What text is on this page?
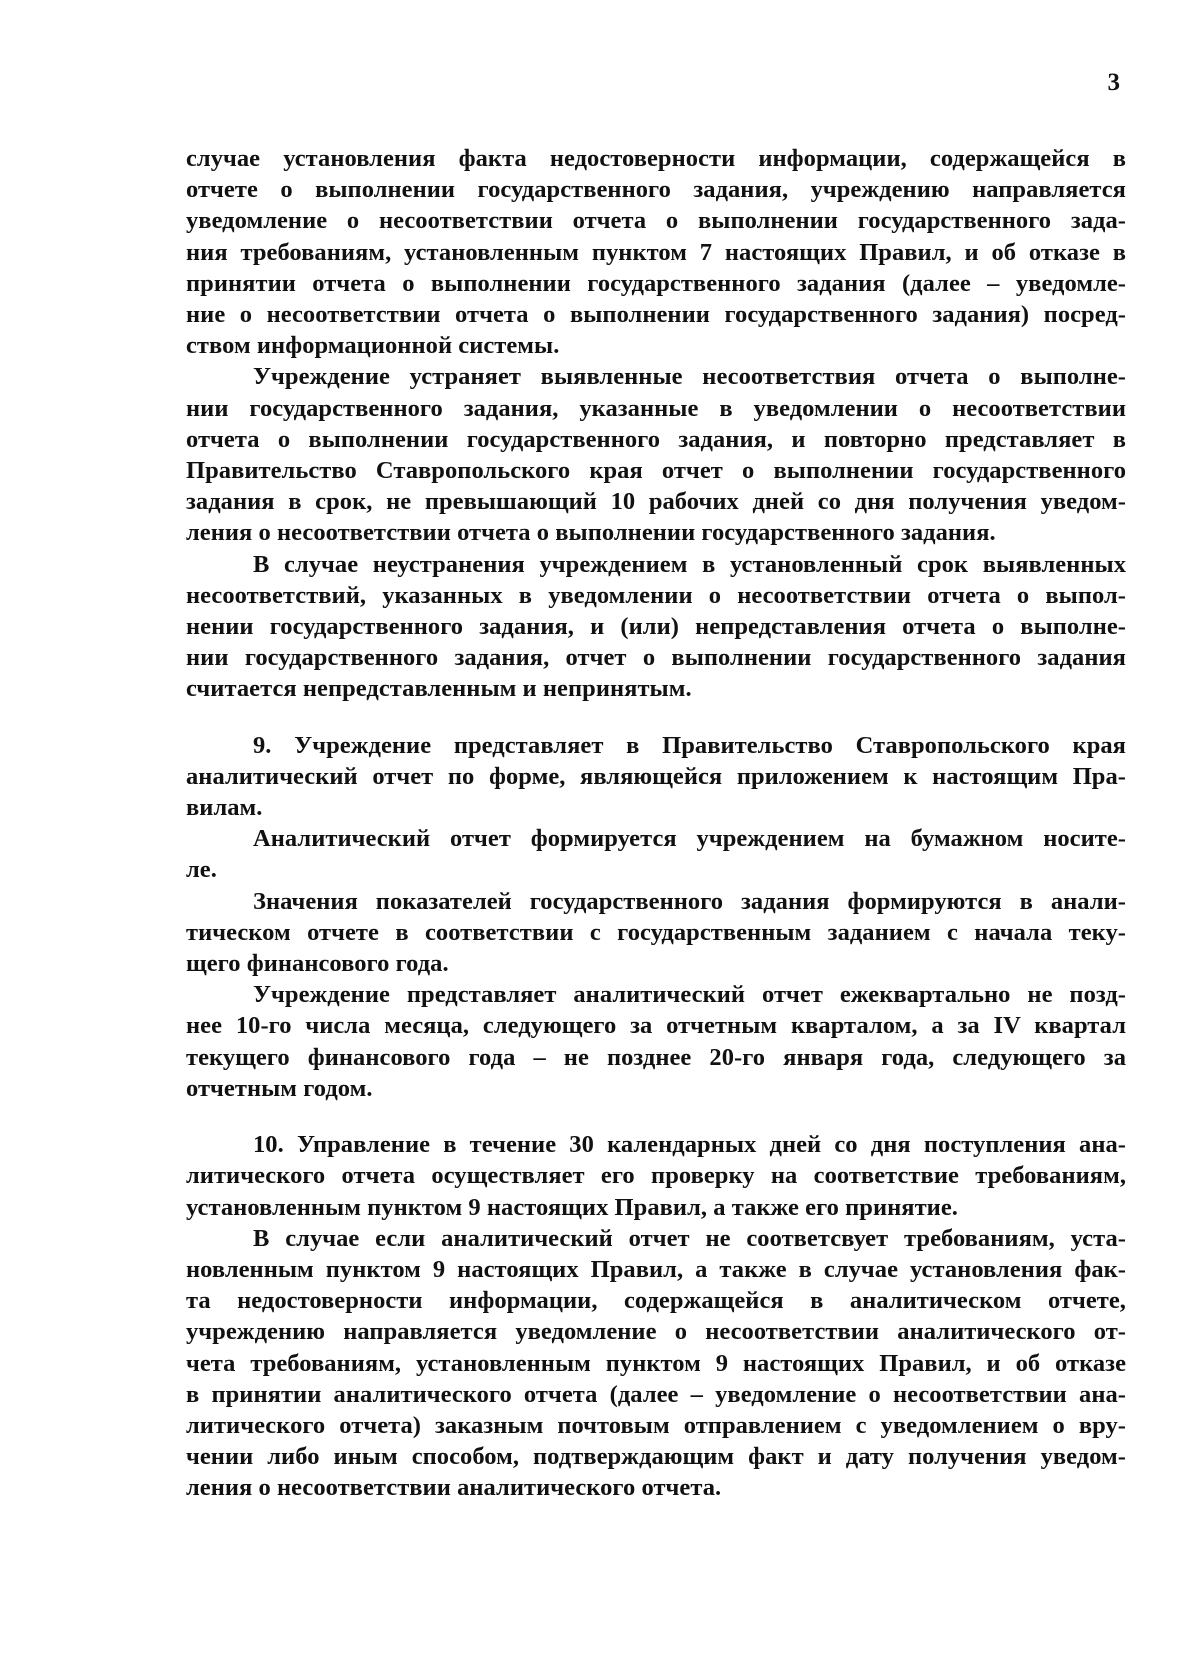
3
случае установления факта недостоверности информации, содержащейся в
отчете о выполнении государственного задания, учреждению направляется
уведомление о несоответствии отчета о выполнении государственного зада-
ния требованиям, установленным пунктом 7 настоящих Правил, и об отказе в
принятии отчета о выполнении государственного задания (далее – уведомле-
ние о несоответствии отчета о выполнении государственного задания) посред-
ством информационной системы.
Учреждение устраняет выявленные несоответствия отчета о выполне-
нии государственного задания, указанные в уведомлении о несоответствии
отчета о выполнении государственного задания, и повторно представляет в
Правительство Ставропольского края отчет о выполнении государственного
задания в срок, не превышающий 10 рабочих дней со дня получения уведом-
ления о несоответствии отчета о выполнении государственного задания.
В случае неустранения учреждением в установленный срок выявленных
несоответствий, указанных в уведомлении о несоответствии отчета о выпол-
нении государственного задания, и (или) непредставления отчета о выполне-
нии государственного задания, отчет о выполнении государственного задания
считается непредставленным и непринятым.
9. Учреждение представляет в Правительство Ставропольского края
аналитический отчет по форме, являющейся приложением к настоящим Пра-
вилам.
Аналитический отчет формируется учреждением на бумажном носите-
ле.
Значения показателей государственного задания формируются в анали-
тическом отчете в соответствии с государственным заданием с начала теку-
щего финансового года.
Учреждение представляет аналитический отчет ежеквартально не позд-
нее 10-го числа месяца, следующего за отчетным кварталом, а за IV квартал
текущего финансового года – не позднее 20-го января года, следующего за
отчетным годом.
10. Управление в течение 30 календарных дней со дня поступления ана-
литического отчета осуществляет его проверку на соответствие требованиям,
установленным пунктом 9 настоящих Правил, а также его принятие.
В случае если аналитический отчет не соответсвует требованиям, уста-
новленным пунктом 9 настоящих Правил, а также в случае установления фак-
та недостоверности информации, содержащейся в аналитическом отчете,
учреждению направляется уведомление о несоответствии аналитического от-
чета требованиям, установленным пунктом 9 настоящих Правил, и об отказе
в принятии аналитического отчета (далее – уведомление о несоответствии ана-
литического отчета) заказным почтовым отправлением с уведомлением о вру-
чении либо иным способом, подтверждающим факт и дату получения уведом-
ления о несоответствии аналитического отчета.
